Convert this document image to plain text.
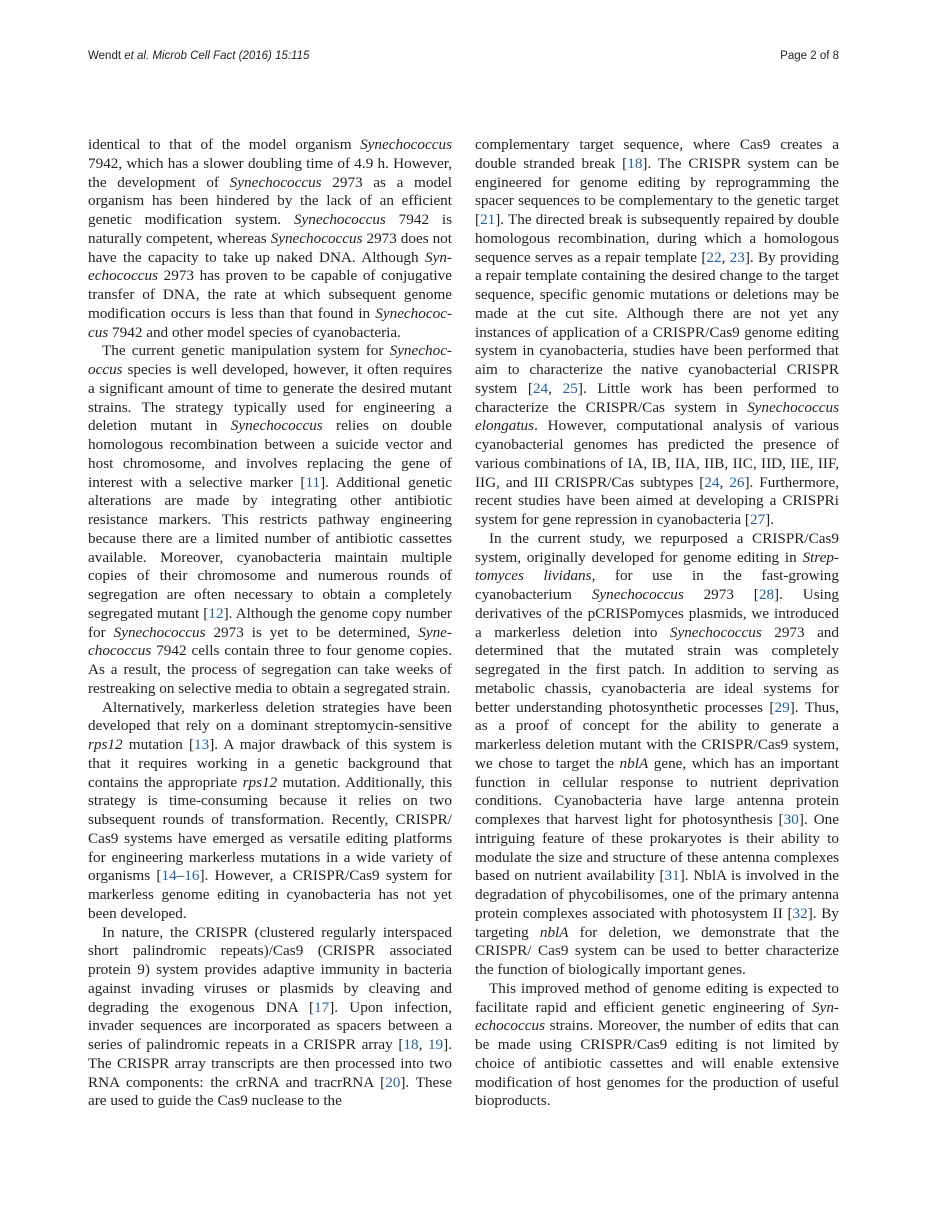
Wendt et al. Microb Cell Fact (2016) 15:115	Page 2 of 8

identical to that of the model organism Synechococcus 7942, which has a slower doubling time of 4.9 h. However, the development of Synechococcus 2973 as a model organism has been hindered by the lack of an efficient genetic modification system. Synechococcus 7942 is naturally competent, whereas Synechococcus 2973 does not have the capacity to take up naked DNA. Although Syn-echococcus 2973 has proven to be capable of conjugative transfer of DNA, the rate at which subsequent genome modification occurs is less than that found in Synechococ-cus 7942 and other model species of cyanobacteria.

The current genetic manipulation system for Synechoc-occus species is well developed, however, it often requires a significant amount of time to generate the desired mutant strains. The strategy typically used for engineering a deletion mutant in Synechococcus relies on double homologous recombination between a suicide vector and host chromosome, and involves replacing the gene of interest with a selective marker [11]. Additional genetic alterations are made by integrating other antibiotic resistance markers. This restricts pathway engineering because there are a limited number of antibiotic cassettes available. Moreover, cyanobacteria maintain multiple copies of their chromosome and numerous rounds of segregation are often necessary to obtain a completely segregated mutant [12]. Although the genome copy number for Synechococcus 2973 is yet to be determined, Syne-chococcus 7942 cells contain three to four genome copies. As a result, the process of segregation can take weeks of restreaking on selective media to obtain a segregated strain.

Alternatively, markerless deletion strategies have been developed that rely on a dominant streptomycin-sensitive rps12 mutation [13]. A major drawback of this system is that it requires working in a genetic background that contains the appropriate rps12 mutation. Additionally, this strategy is time-consuming because it relies on two subsequent rounds of transformation. Recently, CRISPR/ Cas9 systems have emerged as versatile editing platforms for engineering markerless mutations in a wide variety of organisms [14–16]. However, a CRISPR/Cas9 system for markerless genome editing in cyanobacteria has not yet been developed.

In nature, the CRISPR (clustered regularly interspaced short palindromic repeats)/Cas9 (CRISPR associated protein 9) system provides adaptive immunity in bacteria against invading viruses or plasmids by cleaving and degrading the exogenous DNA [17]. Upon infection, invader sequences are incorporated as spacers between a series of palindromic repeats in a CRISPR array [18, 19]. The CRISPR array transcripts are then processed into two RNA components: the crRNA and tracrRNA [20]. These are used to guide the Cas9 nuclease to the

complementary target sequence, where Cas9 creates a double stranded break [18]. The CRISPR system can be engineered for genome editing by reprogramming the spacer sequences to be complementary to the genetic target [21]. The directed break is subsequently repaired by double homologous recombination, during which a homologous sequence serves as a repair template [22, 23]. By providing a repair template containing the desired change to the target sequence, specific genomic mutations or deletions may be made at the cut site. Although there are not yet any instances of application of a CRISPR/Cas9 genome editing system in cyanobacteria, studies have been performed that aim to characterize the native cyanobacterial CRISPR system [24, 25]. Little work has been performed to characterize the CRISPR/Cas system in Synechococcus elongatus. However, computational analysis of various cyanobacterial genomes has predicted the presence of various combinations of IA, IB, IIA, IIB, IIC, IID, IIE, IIF, IIG, and III CRISPR/Cas subtypes [24, 26]. Furthermore, recent studies have been aimed at developing a CRISPRi system for gene repression in cyanobacteria [27].

In the current study, we repurposed a CRISPR/Cas9 system, originally developed for genome editing in Strep-tomyces lividans, for use in the fast-growing cyanobacterium Synechococcus 2973 [28]. Using derivatives of the pCRISPomyces plasmids, we introduced a markerless deletion into Synechococcus 2973 and determined that the mutated strain was completely segregated in the first patch. In addition to serving as metabolic chassis, cyanobacteria are ideal systems for better understanding photosynthetic processes [29]. Thus, as a proof of concept for the ability to generate a markerless deletion mutant with the CRISPR/Cas9 system, we chose to target the nblA gene, which has an important function in cellular response to nutrient deprivation conditions. Cyanobacteria have large antenna protein complexes that harvest light for photosynthesis [30]. One intriguing feature of these prokaryotes is their ability to modulate the size and structure of these antenna complexes based on nutrient availability [31]. NblA is involved in the degradation of phycobilisomes, one of the primary antenna protein complexes associated with photosystem II [32]. By targeting nblA for deletion, we demonstrate that the CRISPR/ Cas9 system can be used to better characterize the function of biologically important genes.

This improved method of genome editing is expected to facilitate rapid and efficient genetic engineering of Syn-echococcus strains. Moreover, the number of edits that can be made using CRISPR/Cas9 editing is not limited by choice of antibiotic cassettes and will enable extensive modification of host genomes for the production of useful bioproducts.
